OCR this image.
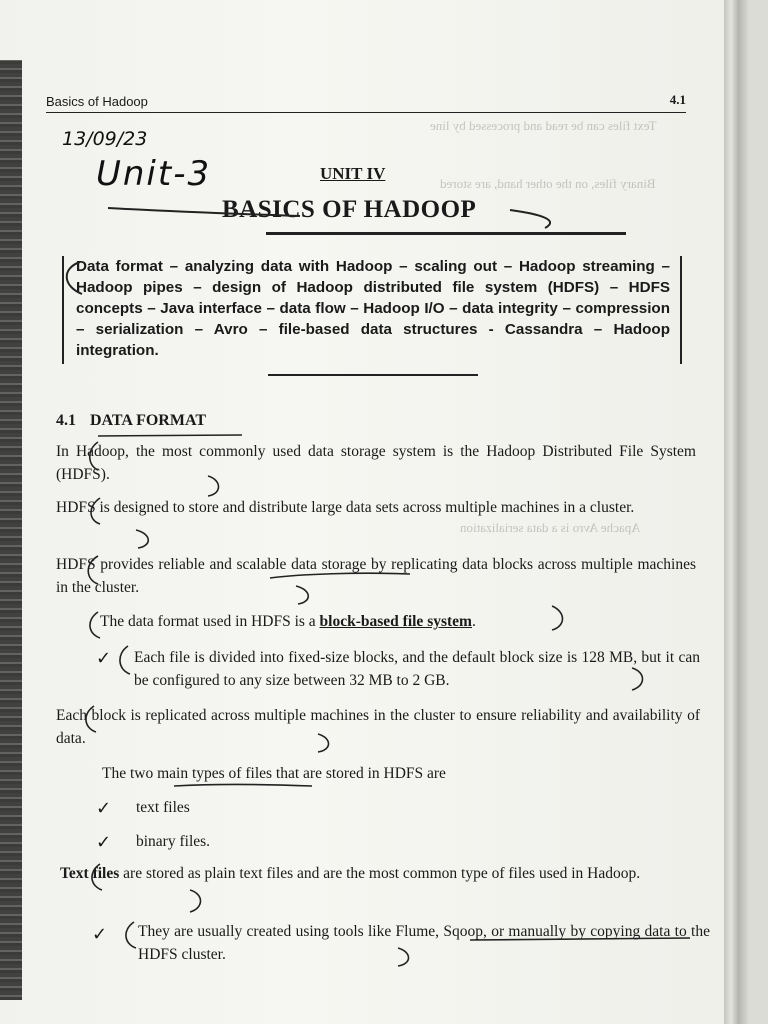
Text files can be read and processed by line
Binary files, on the other hand, are stored
Apache Avro is a data serialization
Basics of Hadoop	4.1
13/09/23
Unit-3	UNIT IV
BASICS OF HADOOP
Data format – analyzing data with Hadoop – scaling out – Hadoop streaming – Hadoop pipes – design of Hadoop distributed file system (HDFS) – HDFS concepts – Java interface – data flow – Hadoop I/O – data integrity – compression – serialization – Avro – file-based data structures - Cassandra – Hadoop integration.
4.1 DATA FORMAT
In Hadoop, the most commonly used data storage system is the Hadoop Distributed File System (HDFS).
HDFS is designed to store and distribute large data sets across multiple machines in a cluster.
HDFS provides reliable and scalable data storage by replicating data blocks across multiple machines in the cluster.
The data format used in HDFS is a block-based file system.
✓ Each file is divided into fixed-size blocks, and the default block size is 128 MB, but it can be configured to any size between 32 MB to 2 GB.
Each block is replicated across multiple machines in the cluster to ensure reliability and availability of data.
The two main types of files that are stored in HDFS are
✓ text files
✓ binary files.
Text files are stored as plain text files and are the most common type of files used in Hadoop.
✓ They are usually created using tools like Flume, Sqoop, or manually by copying data to the HDFS cluster.
